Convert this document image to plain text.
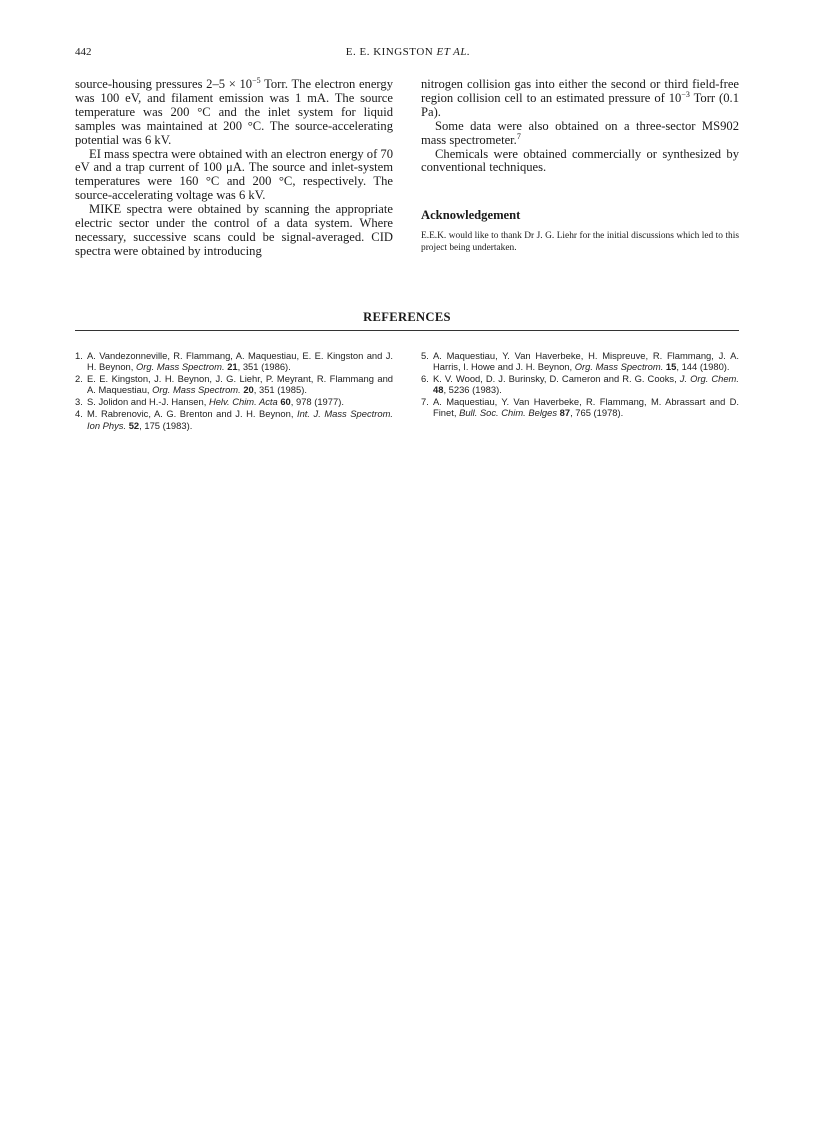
442	E. E. KINGSTON ET AL.

source-housing pressures $2-5 \times 10^{-5}$ Torr. The electron energy was 100 eV, and filament emission was 1 mA. The source temperature was 200 °C and the inlet system for liquid samples was maintained at 200 °C. The source-accelerating potential was 6 kV.

EI mass spectra were obtained with an electron energy of 70 eV and a trap current of 100 μA. The source and inlet-system temperatures were 160 °C and 200 °C, respectively. The source-accelerating voltage was 6 kV.

MIKE spectra were obtained by scanning the appropriate electric sector under the control of a data system. Where necessary, successive scans could be signal-averaged. CID spectra were obtained by introducing

nitrogen collision gas into either the second or third field-free region collision cell to an estimated pressure of $10^{-3}$ Torr (0.1 Pa).

Some data were also obtained on a three-sector MS902 mass spectrometer.$^7$

Chemicals were obtained commercially or synthesized by conventional techniques.

Acknowledgement
E.E.K. would like to thank Dr J. G. Liehr for the initial discussions which led to this project being undertaken.
REFERENCES
1. A. Vandezonneville, R. Flammang, A. Maquestiau, E. E. Kingston and J. H. Beynon, Org. Mass Spectrom. 21, 351 (1986).
2. E. E. Kingston, J. H. Beynon, J. G. Liehr, P. Meyrant, R. Flammang and A. Maquestiau, Org. Mass Spectrom. 20, 351 (1985).
3. S. Jolidon and H.-J. Hansen, Helv. Chim. Acta 60, 978 (1977).
4. M. Rabrenovic, A. G. Brenton and J. H. Beynon, Int. J. Mass Spectrom. Ion Phys. 52, 175 (1983).
5. A. Maquestiau, Y. Van Haverbeke, H. Mispreuve, R. Flammang, J. A. Harris, I. Howe and J. H. Beynon, Org. Mass Spectrom. 15, 144 (1980).
6. K. V. Wood, D. J. Burinsky, D. Cameron and R. G. Cooks, J. Org. Chem. 48, 5236 (1983).
7. A. Maquestiau, Y. Van Haverbeke, R. Flammang, M. Abrassart and D. Finet, Bull. Soc. Chim. Belges 87, 765 (1978).
